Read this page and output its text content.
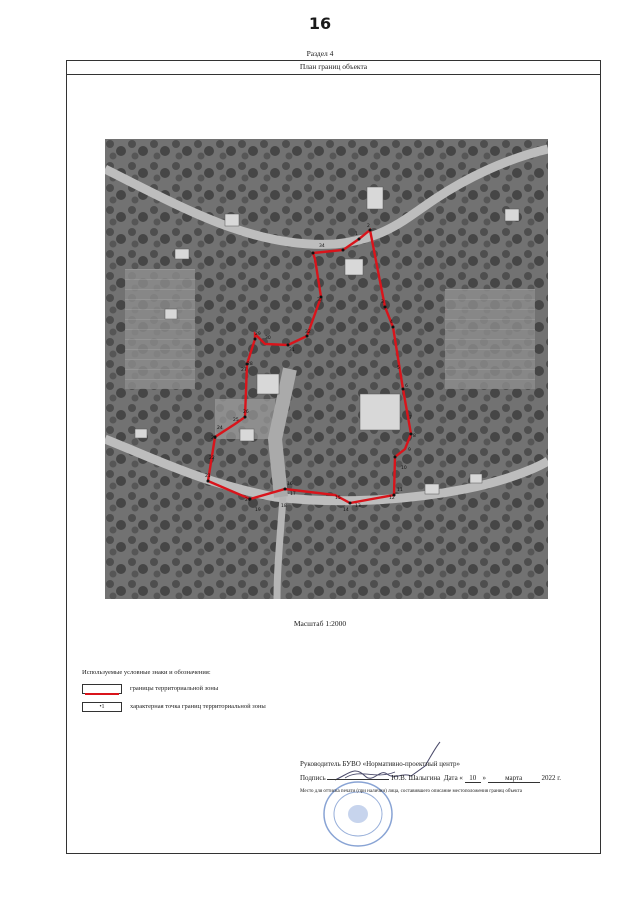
16
Раздел 4
План границ объекта
1
2
3
4
5
6
7
8
9
10
11
12
13
14
15
16
17
18
19
20
21
22
23
24
25
26
27
28
29
30
31
32
33
34
Масштаб 1:2000
Используемые условные знаки и обозначения:
границы территориальной зоны
•1	характерная точка границ территориальной зоны
Руководитель БУВО «Нормативно-проектный центр»
Подпись	Ю.В. Шалыгина Дата « 10 »	марта	2022 г.
Место для оттиска печати (при наличии) лица, составившего описание местоположения границ объекта
